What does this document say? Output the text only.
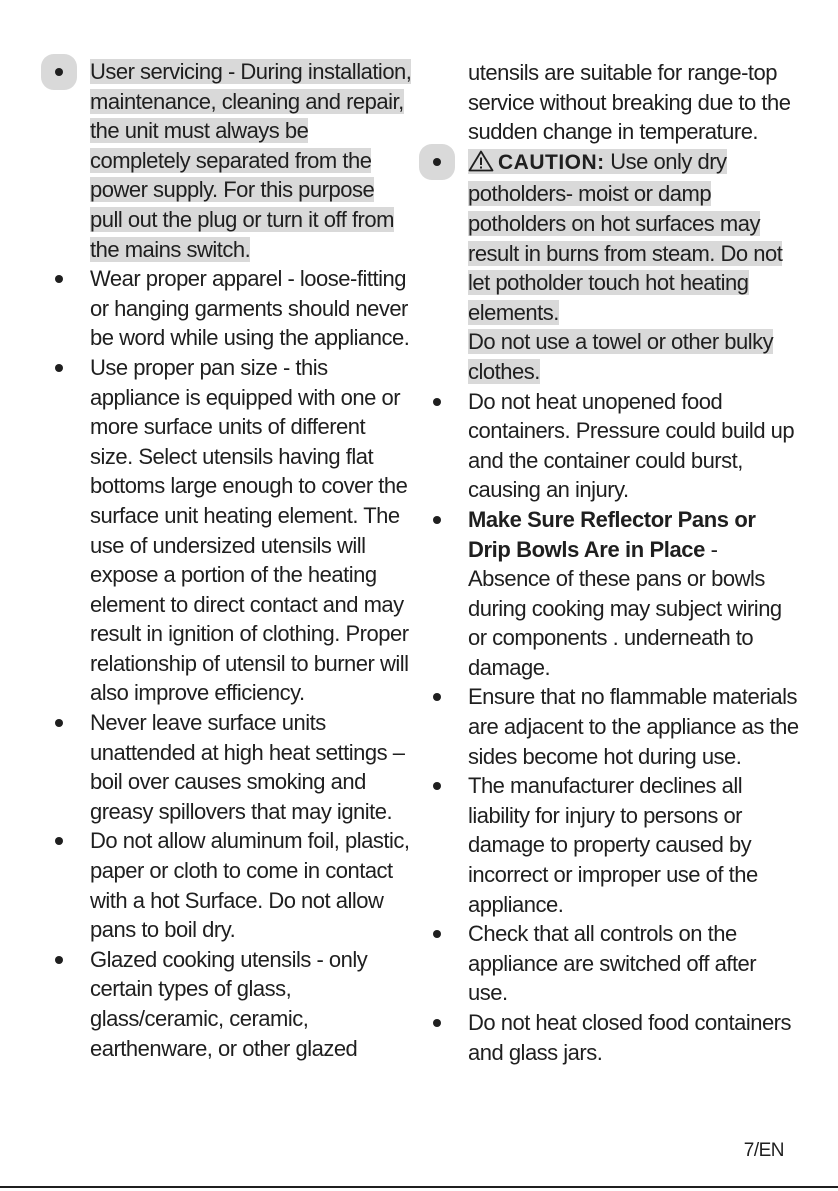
User servicing - During installation, maintenance, cleaning and repair, the unit must always be completely separated from the power supply. For this purpose pull out the plug or turn it off from the mains switch.
Wear proper apparel - loose-fitting or hanging garments should never be word while using the appliance.
Use proper pan size - this appliance is equipped with one or more surface units of different size. Select utensils having flat bottoms large enough to cover the surface unit heating element. The use of undersized utensils will expose a portion of the heating element to direct contact and may result in ignition of clothing. Proper relationship of utensil to burner will also improve efficiency.
Never leave surface units unattended at high heat settings – boil over causes smoking and greasy spillovers that may ignite.
Do not allow aluminum foil, plastic, paper or cloth to come in contact with a hot Surface. Do not allow pans to boil dry.
Glazed cooking utensils - only certain types of glass, glass/ceramic, ceramic, earthenware, or other glazed
utensils are suitable for range-top service without breaking due to the sudden change in temperature.
CAUTION: Use only dry potholders- moist or damp potholders on hot surfaces may result in burns from steam. Do not let potholder touch hot heating elements.
Do not use a towel or other bulky clothes.
Do not heat unopened food containers. Pressure could build up and the container could burst, causing an injury.
Make Sure Reflector Pans or Drip Bowls Are in Place - Absence of these pans or bowls during cooking may subject wiring or components . underneath to damage.
Ensure that no flammable materials are adjacent to the appliance as the sides become hot during use.
The manufacturer declines all liability for injury to persons or damage to property caused by incorrect or improper use of the appliance.
Check that all controls on the appliance are switched off after use.
Do not heat closed food containers and glass jars.
7/EN
